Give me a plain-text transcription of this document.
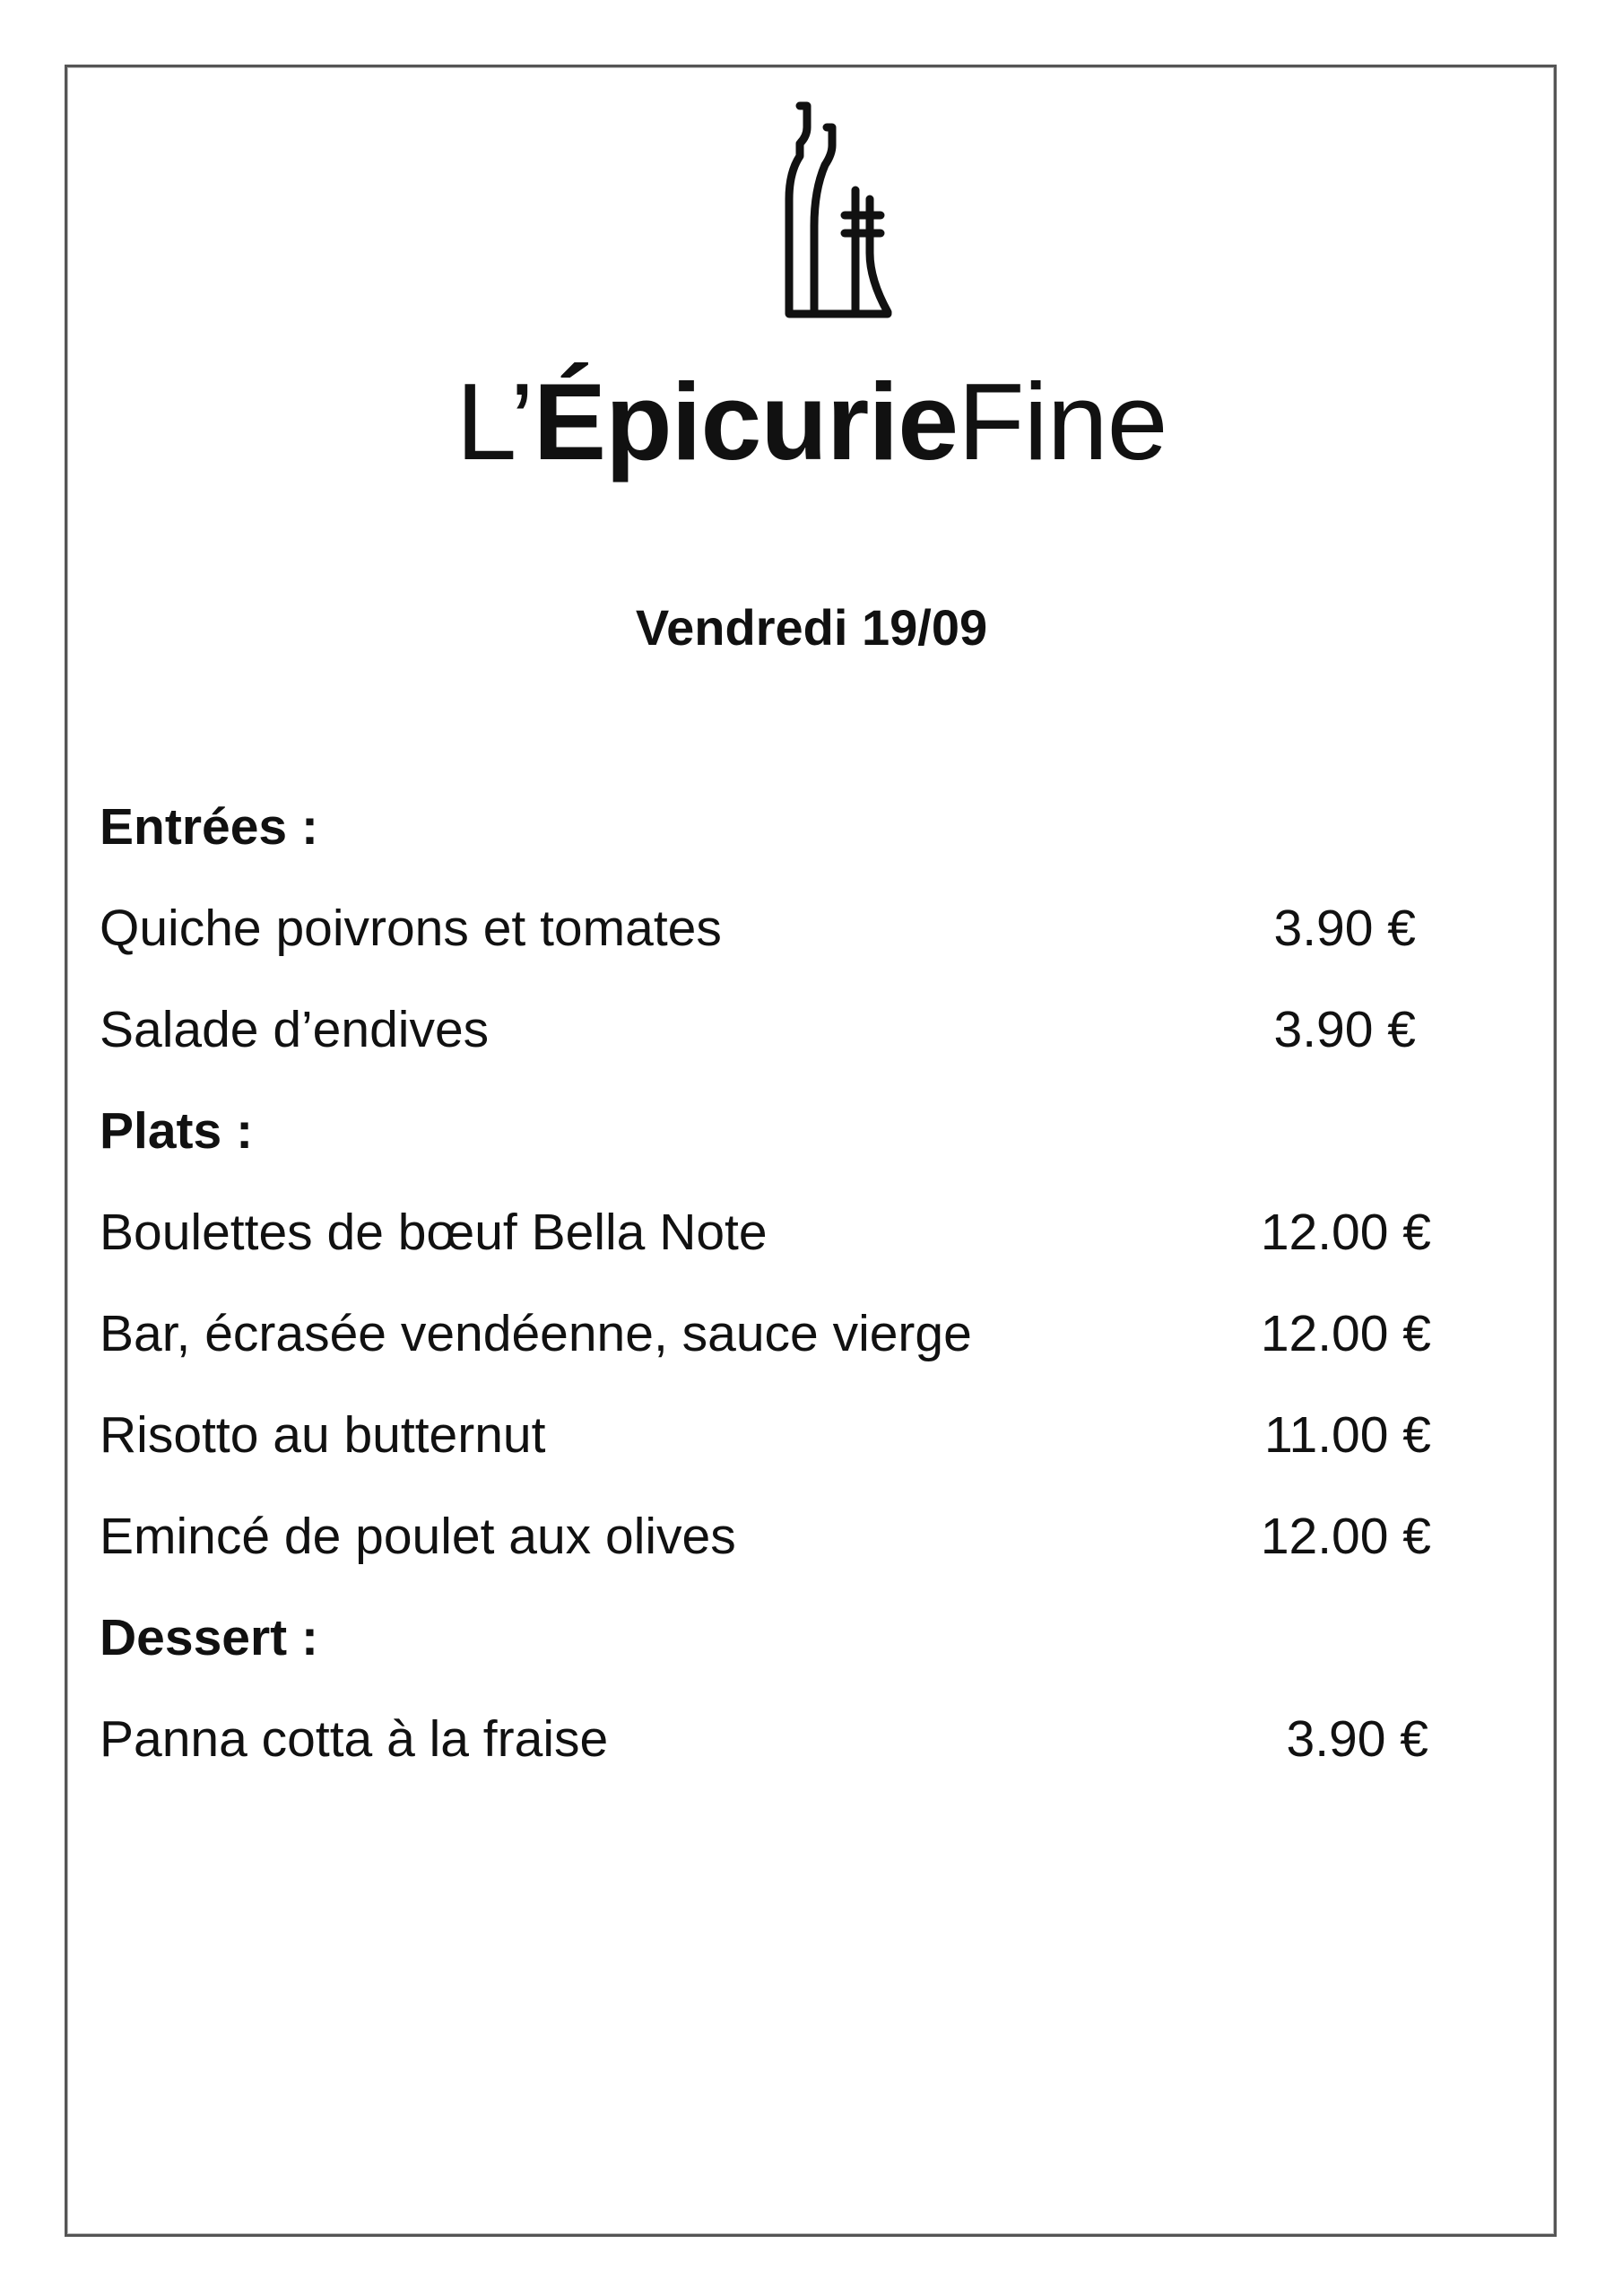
L’ÉpicurieFine
Vendredi 19/09
Entrées :
Quiche poivrons et tomates	3.90 €
Salade d’endives	3.90 €
Plats :
Boulettes de bœuf Bella Note	12.00 €
Bar, écrasée vendéenne, sauce vierge	12.00 €
Risotto au butternut	11.00 €
Emincé de poulet aux olives	12.00 €
Dessert :
Panna cotta à la fraise	3.90 €
